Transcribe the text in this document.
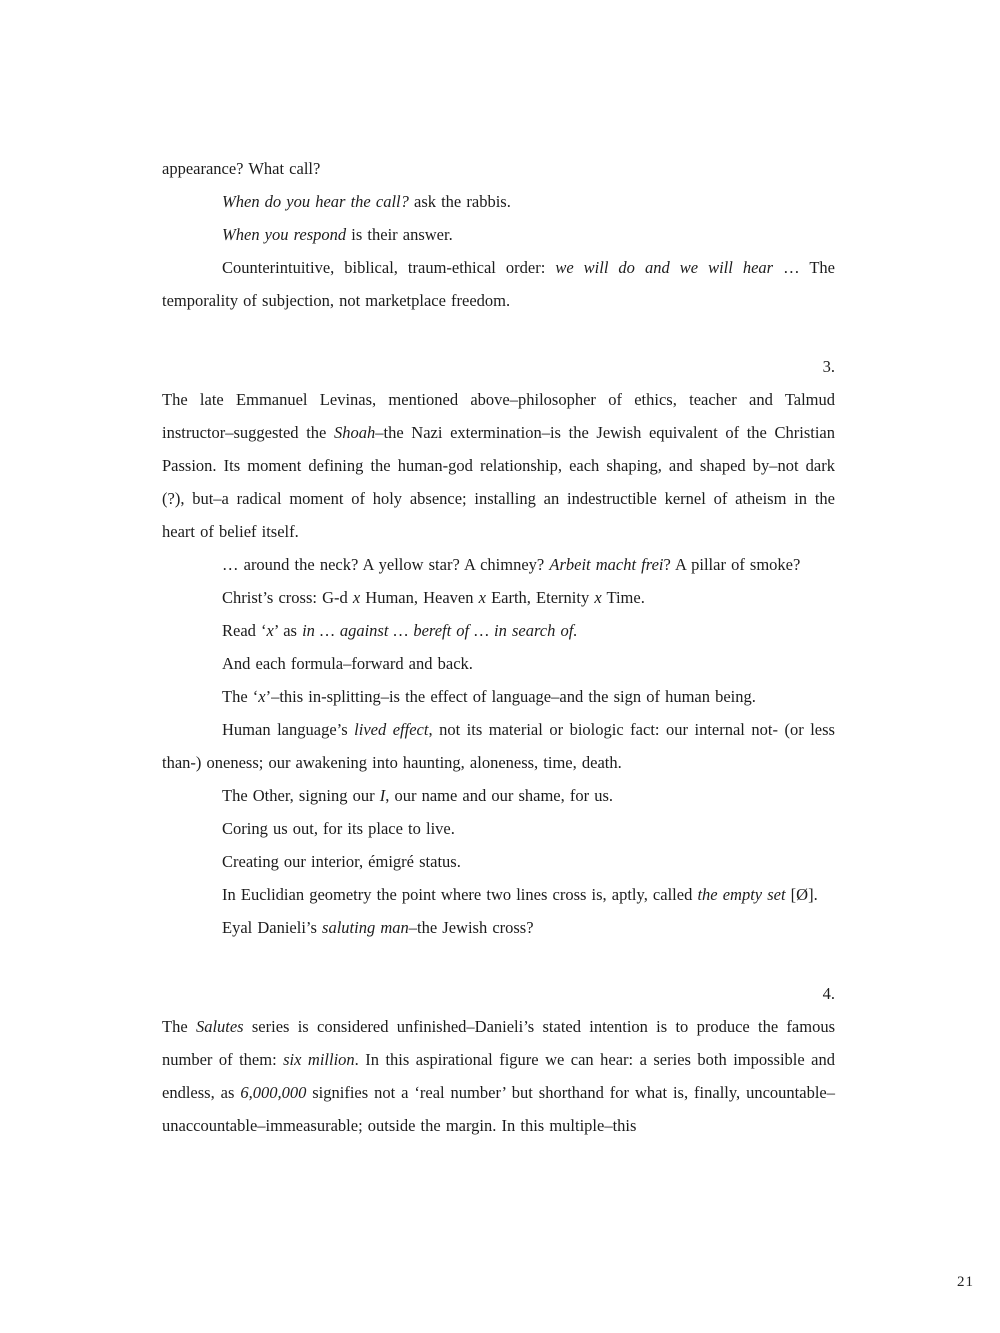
appearance? What call?
When do you hear the call? ask the rabbis.
When you respond is their answer.
Counterintuitive, biblical, traum-ethical order: we will do and we will hear … The temporality of subjection, not marketplace freedom.
3.
The late Emmanuel Levinas, mentioned above–philosopher of ethics, teacher and Talmud instructor–suggested the Shoah–the Nazi extermination–is the Jewish equivalent of the Christian Passion. Its moment defining the human-god relationship, each shaping, and shaped by–not dark (?), but–a radical moment of holy absence; installing an indestructible kernel of atheism in the heart of belief itself.
… around the neck? A yellow star? A chimney? Arbeit macht frei? A pillar of smoke?
Christ’s cross: G-d x Human, Heaven x Earth, Eternity x Time.
Read ‘x’ as in … against … bereft of … in search of.
And each formula–forward and back.
The ‘x’–this in-splitting–is the effect of language–and the sign of human being.
Human language’s lived effect, not its material or biologic fact: our internal not- (or less than-) oneness; our awakening into haunting, aloneness, time, death.
The Other, signing our I, our name and our shame, for us.
Coring us out, for its place to live.
Creating our interior, émigré status.
In Euclidian geometry the point where two lines cross is, aptly, called the empty set [Ø].
Eyal Danieli’s saluting man–the Jewish cross?
4.
The Salutes series is considered unfinished–Danieli’s stated intention is to produce the famous number of them: six million. In this aspirational figure we can hear: a series both impossible and endless, as 6,000,000 signifies not a ‘real number’ but shorthand for what is, finally, uncountable–unaccountable–immeasurable; outside the margin. In this multiple–this
21
